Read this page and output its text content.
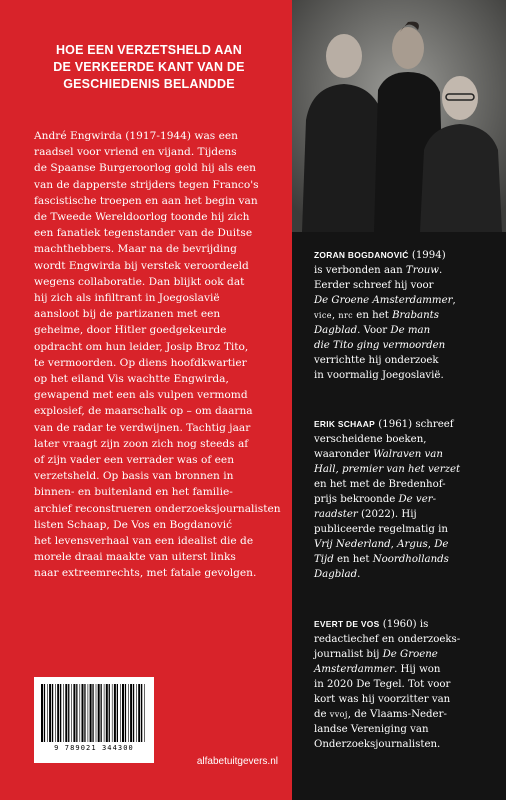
HOE EEN VERZETSHELD AAN
DE VERKEERDE KANT VAN DE
GESCHIEDENIS BELANDDE
André Engwirda (1917-1944) was een
raadsel voor vriend en vijand. Tijdens
de Spaanse Burgeroorlog gold hij als een
van de dapperste strijders tegen Franco's
fascistische troepen en aan het begin van
de Tweede Wereldoorlog toonde hij zich
een fanatiek tegenstander van de Duitse
machthebbers. Maar na de bevrijding
wordt Engwirda bij verstek veroordeeld
wegens collaboratie. Dan blijkt ook dat
hij zich als infiltrant in Joegoslavië
aansloot bij de partizanen met een
geheime, door Hitler goedgekeurde
opdracht om hun leider, Josip Broz Tito,
te vermoorden. Op diens hoofdkwartier
op het eiland Vis wachtte Engwirda,
gewapend met een als vulpen vermomd
explosief, de maarschalk op – om daarna
van de radar te verdwijnen. Tachtig jaar
later vraagt zijn zoon zich nog steeds af
of zijn vader een verrader was of een
verzetsheld. Op basis van bronnen in
binnen- en buitenland en het familie-
archief reconstrueren onderzoeksjournalisten
listen Schaap, De Vos en Bogdanović
het levensverhaal van een idealist die de
morele draai maakte van uiterst links
naar extreemrechts, met fatale gevolgen.
9 789021 344300
alfabetuitgevers.nl
ZORAN BOGDANOVIĆ (1994)
is verbonden aan Trouw.
Eerder schreef hij voor
De Groene Amsterdammer,
vice, nrc en het Brabants
Dagblad. Voor De man
die Tito ging vermoorden
verrichtte hij onderzoek
in voormalig Joegoslavië.
ERIK SCHAAP (1961) schreef
verscheidene boeken,
waaronder Walraven van
Hall, premier van het verzet
en het met de Bredenhof-
prijs bekroonde De ver-
raadster (2022). Hij
publiceerde regelmatig in
Vrij Nederland, Argus, De
Tijd en het Noordhollands
Dagblad.
EVERT DE VOS (1960) is
redactiechef en onderzoeks-
journalist bij De Groene
Amsterdammer. Hij won
in 2020 De Tegel. Tot voor
kort was hij voorzitter van
de vvoj, de Vlaams-Neder-
landse Vereniging van
Onderzoeksjournalisten.
